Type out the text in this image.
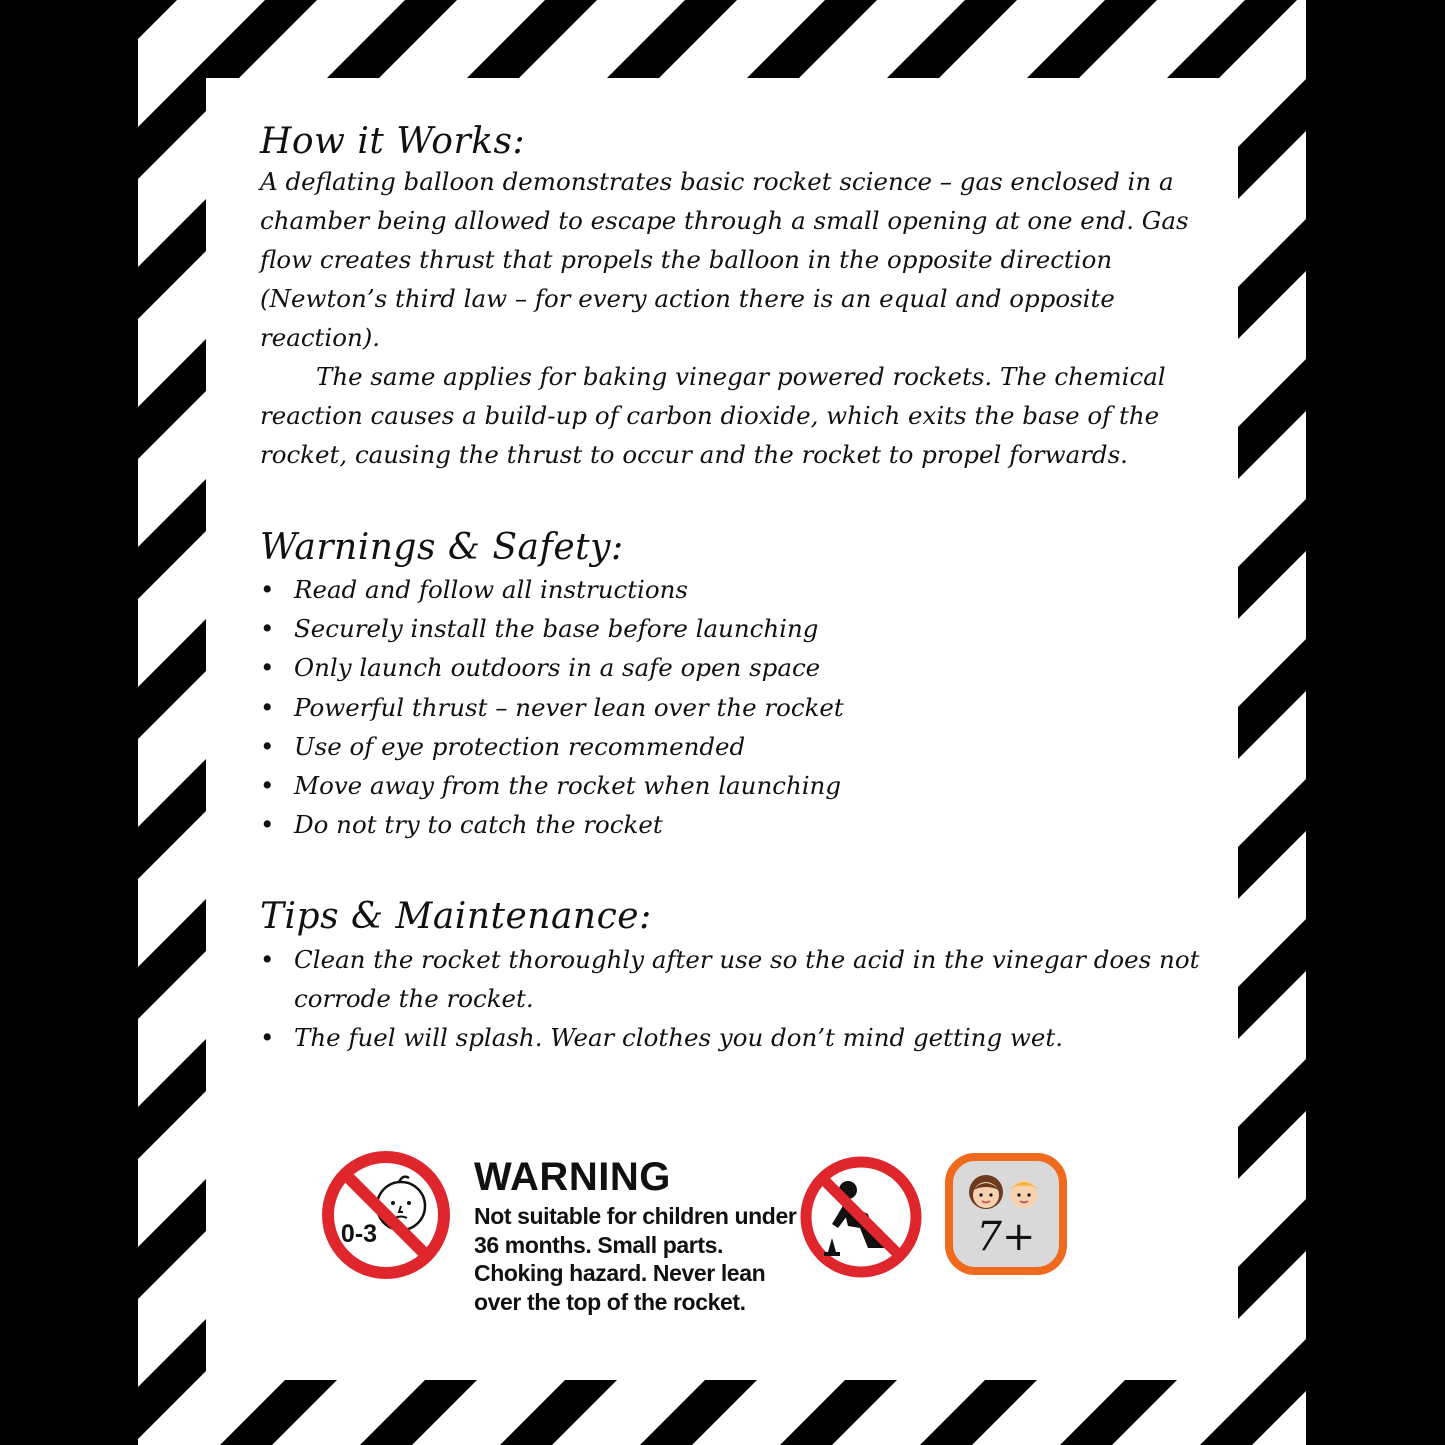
How it Works:

A deflating balloon demonstrates basic rocket science – gas enclosed in a chamber being allowed to escape through a small opening at one end. Gas flow creates thrust that propels the balloon in the opposite direction (Newton’s third law – for every action there is an equal and opposite reaction).

The same applies for baking vinegar powered rockets. The chemical reaction causes a build-up of carbon dioxide, which exits the base of the rocket, causing the thrust to occur and the rocket to propel forwards.

Warnings & Safety:
• Read and follow all instructions
• Securely install the base before launching
• Only launch outdoors in a safe open space
• Powerful thrust – never lean over the rocket
• Use of eye protection recommended
• Move away from the rocket when launching
• Do not try to catch the rocket
Tips & Maintenance:
• Clean the rocket thoroughly after use so the acid in the vinegar does not corrode the rocket.
• The fuel will splash. Wear clothes you don’t mind getting wet.
0-3

WARNING

Not suitable for children under
36 months. Small parts.
Choking hazard. Never lean
over the top of the rocket.

7+
